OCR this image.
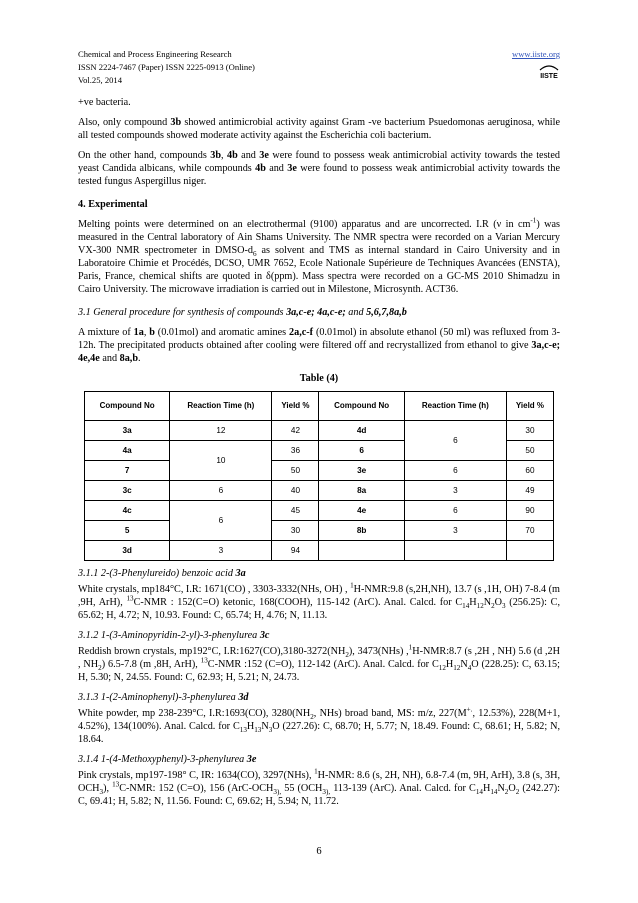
Chemical and Process Engineering Research
ISSN 2224-7467 (Paper) ISSN 2225-0913 (Online)
Vol.25, 2014
www.iiste.org
IISTE

+ve bacteria.

Also, only compound 3b showed antimicrobial activity against Gram -ve bacterium Psuedomonas aeruginosa, while all tested compounds showed moderate activity against the Escherichia coli bacterium.

On the other hand, compounds 3b, 4b and 3e were found to possess weak antimicrobial activity towards the tested yeast Candida albicans, while compounds 4b and 3e were found to possess weak antimicrobial activity towards the tested fungus Aspergillus niger.

4. Experimental

Melting points were determined on an electrothermal (9100) apparatus and are uncorrected. I.R (ν in $cm^{-1}$) was measured in the Central laboratory of Ain Shams University. The NMR spectra were recorded on a Varian Mercury VX-300 NMR spectrometer in DMSO-$d_6$ as solvent and TMS as internal standard in Cairo University and in Laboratoire Chimie et Procédés, DCSO, UMR 7652, Ecole Nationale Supérieure de Techniques Avancées (ENSTA), Paris, France, chemical shifts are quoted in δ(ppm). Mass spectra were recorded on a GC-MS 2010 Shimadzu in Cairo University. The microwave irradiation is carried out in Milestone, Microsynth. ACT36.

3.1 General procedure for synthesis of compounds 3a,c-e; 4a,c-e; and 5,6,7,8a,b

A mixture of 1a, b (0.01mol) and aromatic amines 2a,c-f (0.01mol) in absolute ethanol (50 ml) was refluxed from 3-12h. The precipitated products obtained after cooling were filtered off and recrystallized from ethanol to give 3a,c-e; 4e,4e and 8a,b.

Table (4)
Compound No	Reaction Time (h)	Yield %	Compound No	Reaction Time (h)	Yield %
3a	12	42	4d	6	30
4a	10	36	6		50
7		50	3e	6	60
3c	6	40	8a	3	49
4c	6	45	4e	6	90
5		30	8b	3	70
3d	3	94			
3.1.1 2-(3-Phenylureido) benzoic acid 3a

White crystals, mp184°C, I.R: 1671(CO) , 3303-3332(NHs, OH) , $^1$H-NMR:9.8 (s,2H,NH), 13.7 (s ,1H, OH) 7-8.4 (m ,9H, ArH), $^{13}$C-NMR : 152(C=O) ketonic, 168(COOH), 115-142 (ArC). Anal. Calcd. for $C_{14}H_{12}N_2O_3$ (256.25): C, 65.62; H, 4.72; N, 10.93. Found: C, 65.74; H, 4.76; N, 11.13.

3.1.2 1-(3-Aminopyridin-2-yl)-3-phenylurea 3c

Reddish brown crystals, mp192°C, $I.R:1627(CO),3180-3272(NH_2)$, 3473(NHs) ,$^1$H-NMR:8.7 (s ,2H , NH) 5.6 (d ,2H , $NH_2$) 6.5-7.8 (m ,8H, ArH), $^{13}$C-NMR :152 (C=O), 112-142 (ArC). Anal. Calcd. for $C_{12}H_{12}N_4O$ (228.25): C, 63.15; H, 5.30; N, 24.55. Found: C, 62.93; H, 5.21; N, 24.73.

3.1.3 1-(2-Aminophenyl)-3-phenylurea 3d

White powder, mp 238-239°C, I.R:1693(CO), $3280(NH_2$, NHs) broad band, MS: m/z, 227(M+., 12.53%), 228(M+1, 4.52%), 134(100%). Anal. Calcd. for $C_{13}H_{13}N_3O$ (227.26): C, 68.70; H, 5.77; N, 18.49. Found: C, 68.61; H, 5.82; N, 18.64.

3.1.4 1-(4-Methoxyphenyl)-3-phenylurea 3e

Pink crystals, mp197-198° C, IR: 1634(CO), 3297(NHs), $^1$H-NMR: 8.6 (s, 2H, NH), 6.8-7.4 (m, 9H, ArH), 3.8 (s, 3H, $OCH_3$), $^{13}$C-NMR: 152 (C=O), 156 ($ArC-OCH_{3),}$ 55 ($OCH_{3),}$ 113-139 (ArC). Anal. Calcd. for $C_{14}H_{14}N_2O_2$ (242.27): C, 69.41; H, 5.82; N, 11.56. Found: C, 69.62; H, 5.94; N, 11.72.

6
